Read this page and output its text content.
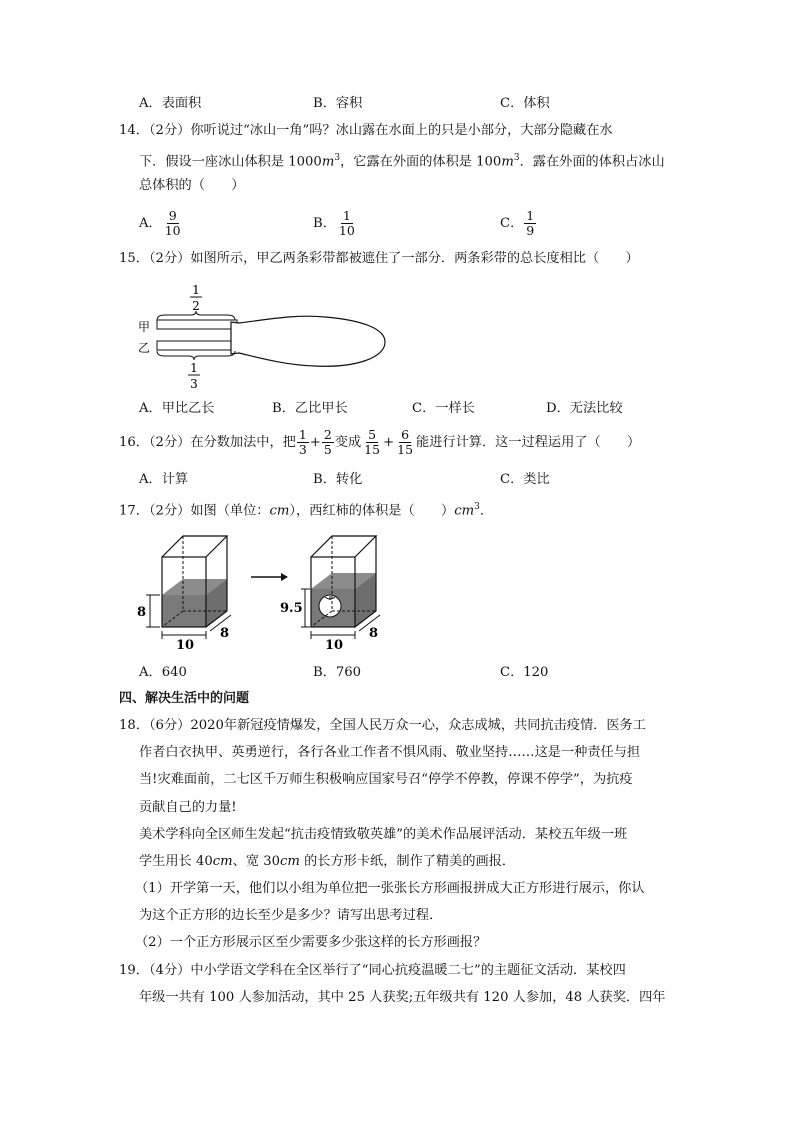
A．表面积	B．容积	C．体积
14．（2分）你听说过“冰山一角”吗？冰山露在水面上的只是小部分，大部分隐藏在水
下．假设一座冰山体积是 $1000m^3$，它露在外面的体积是 $100m^3$．露在外面的体积占冰山
总体积的（　　）
A． $\frac{9}{10}$	B． $\frac{1}{10}$	C． $\frac{1}{9}$
15．（2分）如图所示，甲乙两条彩带都被遮住了一部分．两条彩带的总长度相比（　　）
1
2
甲
乙
1
3
A．甲比乙长	B．乙比甲长	C．一样长	D．无法比较
16．（2分）在分数加法中，把 $\frac{1}{3} + \frac{2}{5}$ 变成 $\frac{5}{15} + \frac{6}{15}$ 能进行计算．这一过程运用了（　　）
A．计算	B．转化	C．类比
17．（2分）如图（单位：cm），西红柿的体积是（　　）$cm^3$．
8
10
8
9.5
10
8
A．640	B．760	C．120
四、解决生活中的问题
18．（6分）2020年新冠疫情爆发，全国人民万众一心，众志成城，共同抗击疫情．医务工
作者白衣执甲、英勇逆行，各行各业工作者不惧风雨、敬业坚持……这是一种责任与担
当!灾难面前，二七区千万师生积极响应国家号召“停学不停教，停课不停学”，为抗疫
贡献自己的力量!
美术学科向全区师生发起“抗击疫情致敬英雄”的美术作品展评活动．某校五年级一班
学生用长 40cm、宽 30cm 的长方形卡纸，制作了精美的画报．
（1）开学第一天，他们以小组为单位把一张张长方形画报拼成大正方形进行展示，你认
为这个正方形的边长至少是多少？请写出思考过程．
（2）一个正方形展示区至少需要多少张这样的长方形画报？
19．（4分）中小学语文学科在全区举行了“同心抗疫温暖二七”的主题征文活动．某校四
年级一共有 100 人参加活动，其中 25 人获奖;五年级共有 120 人参加，48 人获奖．四年
